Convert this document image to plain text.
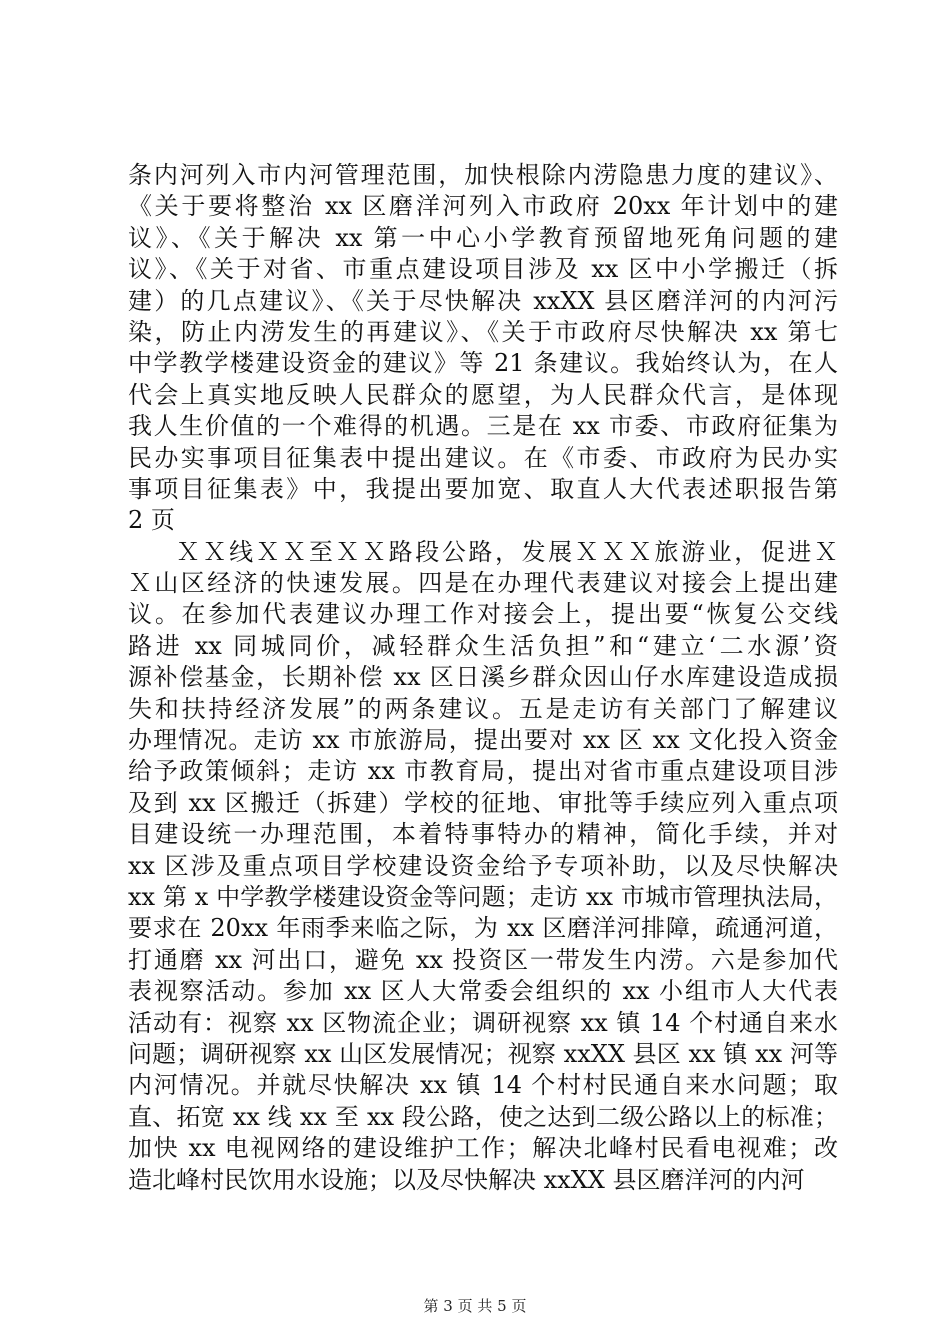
条内河列入市内河管理范围，加快根除内涝隐患力度的建议》、
《关于要将整治 xx 区磨洋河列入市政府 20xx 年计划中的建
议》、《关于解决 xx 第一中心小学教育预留地死角问题的建
议》、《关于对省、市重点建设项目涉及 xx 区中小学搬迁（拆
建）的几点建议》、《关于尽快解决 xxXX 县区磨洋河的内河污
染，防止内涝发生的再建议》、《关于市政府尽快解决 xx 第七
中学教学楼建设资金的建议》等 21 条建议。我始终认为，在人
代会上真实地反映人民群众的愿望，为人民群众代言，是体现
我人生价值的一个难得的机遇。三是在 xx 市委、市政府征集为
民办实事项目征集表中提出建议。在《市委、市政府为民办实
事项目征集表》中，我提出要加宽、取直人大代表述职报告第
2 页
ＸＸ线ＸＸ至ＸＸ路段公路，发展ＸＸＸ旅游业，促进Ｘ
Ｘ山区经济的快速发展。四是在办理代表建议对接会上提出建
议。在参加代表建议办理工作对接会上，提出要“恢复公交线
路进 xx 同城同价，减轻群众生活负担”和“建立‘二水源’资
源补偿基金，长期补偿 xx 区日溪乡群众因山仔水库建设造成损
失和扶持经济发展”的两条建议。五是走访有关部门了解建议
办理情况。走访 xx 市旅游局，提出要对 xx 区 xx 文化投入资金
给予政策倾斜；走访 xx 市教育局，提出对省市重点建设项目涉
及到 xx 区搬迁（拆建）学校的征地、审批等手续应列入重点项
目建设统一办理范围，本着特事特办的精神，简化手续，并对
xx 区涉及重点项目学校建设资金给予专项补助，以及尽快解决
xx 第 x 中学教学楼建设资金等问题；走访 xx 市城市管理执法局，
要求在 20xx 年雨季来临之际，为 xx 区磨洋河排障，疏通河道，
打通磨 xx 河出口，避免 xx 投资区一带发生内涝。六是参加代
表视察活动。参加 xx 区人大常委会组织的 xx 小组市人大代表
活动有：视察 xx 区物流企业；调研视察 xx 镇 14 个村通自来水
问题；调研视察 xx 山区发展情况；视察 xxXX 县区 xx 镇 xx 河等
内河情况。并就尽快解决 xx 镇 14 个村村民通自来水问题；取
直、拓宽 xx 线 xx 至 xx 段公路，使之达到二级公路以上的标准；
加快 xx 电视网络的建设维护工作；解决北峰村民看电视难；改
造北峰村民饮用水设施；以及尽快解决 xxXX 县区磨洋河的内河
第 3 页 共 5 页
